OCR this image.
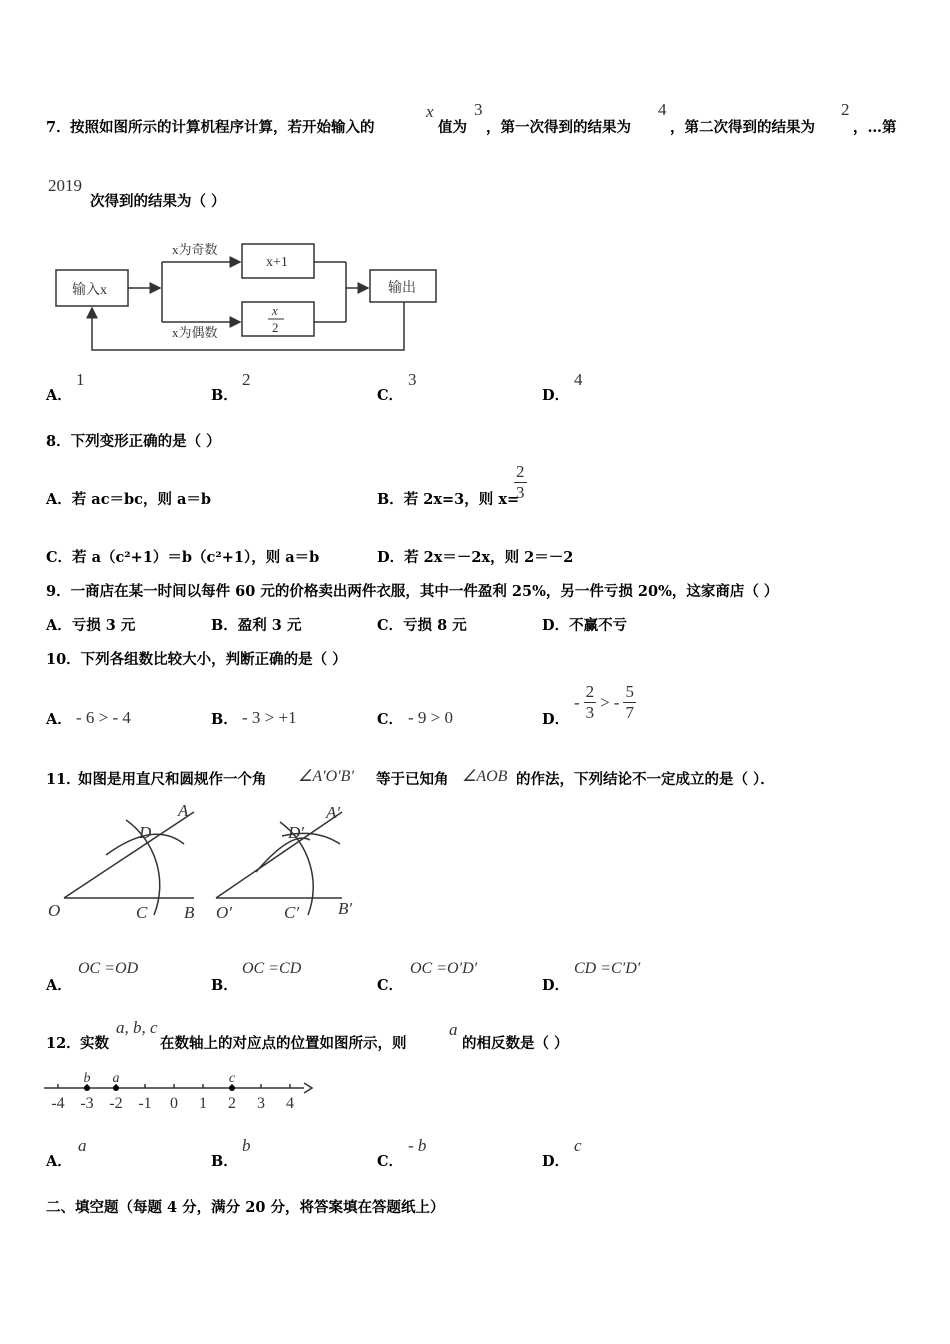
7． 按照如图所示的计算机程序计算，若开始输入的
x
值为
3
，第一次得到的结果为
4
，第二次得到的结果为
2
，…第
2019
次得到的结果为（ ）
输入x
x为奇数
x为偶数
x+1
x
2
输出
A．
1
B．
2
C．
3
D．
4
8．下列变形正确的是（ ）
A．若 ac＝bc，则 a＝b	B．若 2x=3，则 x=
$\frac{2}{3}$
C．若 a（c²+1）＝b（c²+1），则 a＝b	D．若 2x＝－2x，则 2＝－2
9．一商店在某一时间以每件 60 元的价格卖出两件衣服，其中一件盈利 25%，另一件亏损 20%，这家商店（ ）
A．亏损 3 元	B．盈利 3 元	C．亏损 8 元	D．不赢不亏
10．下列各组数比较大小，判断正确的是（ ）
A． - 6 > - 4	B． - 3 > +1	C． - 9 > 0	D．
- $\frac{2}{3}$ > - $\frac{5}{7}$
11．
如图是用直尺和圆规作一个角 ∠A′O′B′ 等于已知角 ∠AOB 的作法，下列结论不一定成立的是（ ）．
A
D
O	C B
A′
D′
O′	C′ B′
A．
OC =OD
B．
OC =CD
C．
OC =O′D′
D．
CD =C′D′
12． 实数
a, b, c
在数轴上的对应点的位置如图所示，则
a
的相反数是（ ）
-4 -3 -2 -1 0 1 2 3 4
b a	c
A．
a
B．
b
C．
- b
D．
c
二、填空题（每题 4 分，满分 20 分，将答案填在答题纸上）
